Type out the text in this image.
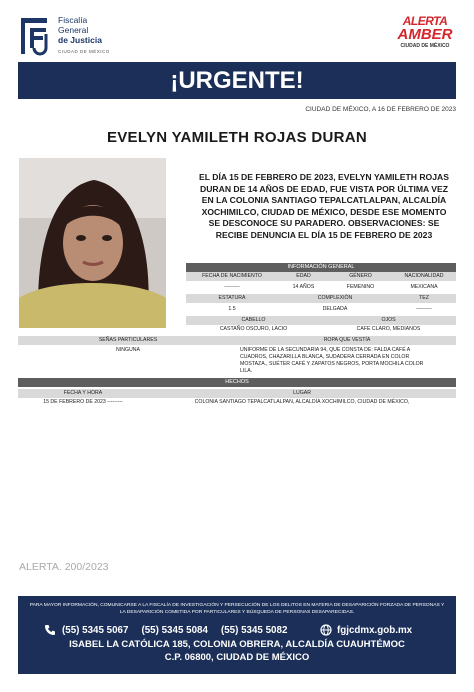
Fiscalía
General
de Justicia
CIUDAD DE MÉXICO
ALERTA
AMBER
CIUDAD DE MÉXICO
¡URGENTE!
CIUDAD DE MÉXICO, A 16 DE FEBRERO DE 2023
EVELYN YAMILETH ROJAS DURAN
EL DÍA 15 DE FEBRERO DE 2023, EVELYN YAMILETH ROJAS DURAN DE 14 AÑOS DE EDAD, FUE VISTA POR ÚLTIMA VEZ EN LA COLONIA SANTIAGO TEPALCATLALPAN, ALCALDÍA XOCHIMILCO, CIUDAD DE MÉXICO, DESDE ESE MOMENTO SE DESCONOCE SU PARADERO. OBSERVACIONES: SE RECIBE DENUNCIA EL DÍA 15 DE FEBRERO DE 2023
INFORMACIÓN GENERAL
FECHA DE NACIMIENTO	EDAD	GÉNERO	NACIONALIDAD
---------	14 AÑOS	FEMENINO	MEXICANA
ESTATURA	COMPLEXIÓN	TEZ
1.5	DELGADA	---------
CABELLO	OJOS
CASTAÑO OSCURO, LACIO	CAFE CLARO, MEDIANOS
SEÑAS PARTICULARES	ROPA QUE VESTÍA
NINGUNA	UNIFORME DE LA SECUNDARIA 94, QUE CONSTA DE: FALDA CAFÉ A CUADROS, CHAZARILLA BLANCA, SUDADERA CERRADA EN COLOR MOSTAZA., SUÉTER CAFÉ Y ZAPATOS NEGROS, PORTA MOCHILA COLOR LILA.
HECHOS
FECHA Y HORA	LUGAR
15 DE FEBRERO DE 2023 ---------	COLONIA SANTIAGO TEPALCATLALPAN, ALCALDÍA XOCHIMILCO, CIUDAD DE MÉXICO,
ALERTA. 200/2023
PARA MAYOR INFORMACIÓN, COMUNICARSE A LA FISCALÍA DE INVESTIGACIÓN Y PERSECUCIÓN DE LOS DELITOS EN MATERIA DE DESAPARICIÓN FORZADA DE PERSONAS Y LA DESAPARICIÓN COMETIDA POR PARTICULARES Y BÚSQUEDA DE PERSONAS DESAPARECIDAS.
(55) 5345 5067 (55) 5345 5084 (55) 5345 5082	fgjcdmx.gob.mx
ISABEL LA CATÓLICA 185, COLONIA OBRERA, ALCALDÍA CUAUHTÉMOC
C.P. 06800, CIUDAD DE MÉXICO
